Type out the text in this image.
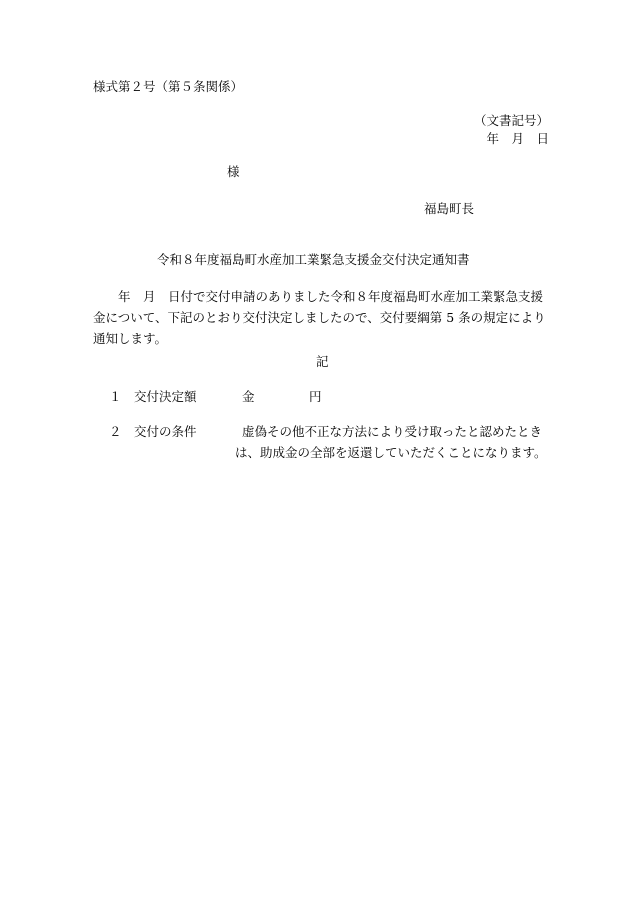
様式第２号（第５条関係）
（文書記号）
年　月　日
様
福島町長
令和８年度福島町水産加工業緊急支援金交付決定通知書
年　月　日付で交付申請のありました令和８年度福島町水産加工業緊急支援金について、下記のとおり交付決定しましたので、交付要綱第 5 条の規定により通知します。
記
１ 交付決定額	金	円
２ 交付の条件	虚偽その他不正な方法により受け取ったと認めたときは、助成金の全部を返還していただくことになります。
